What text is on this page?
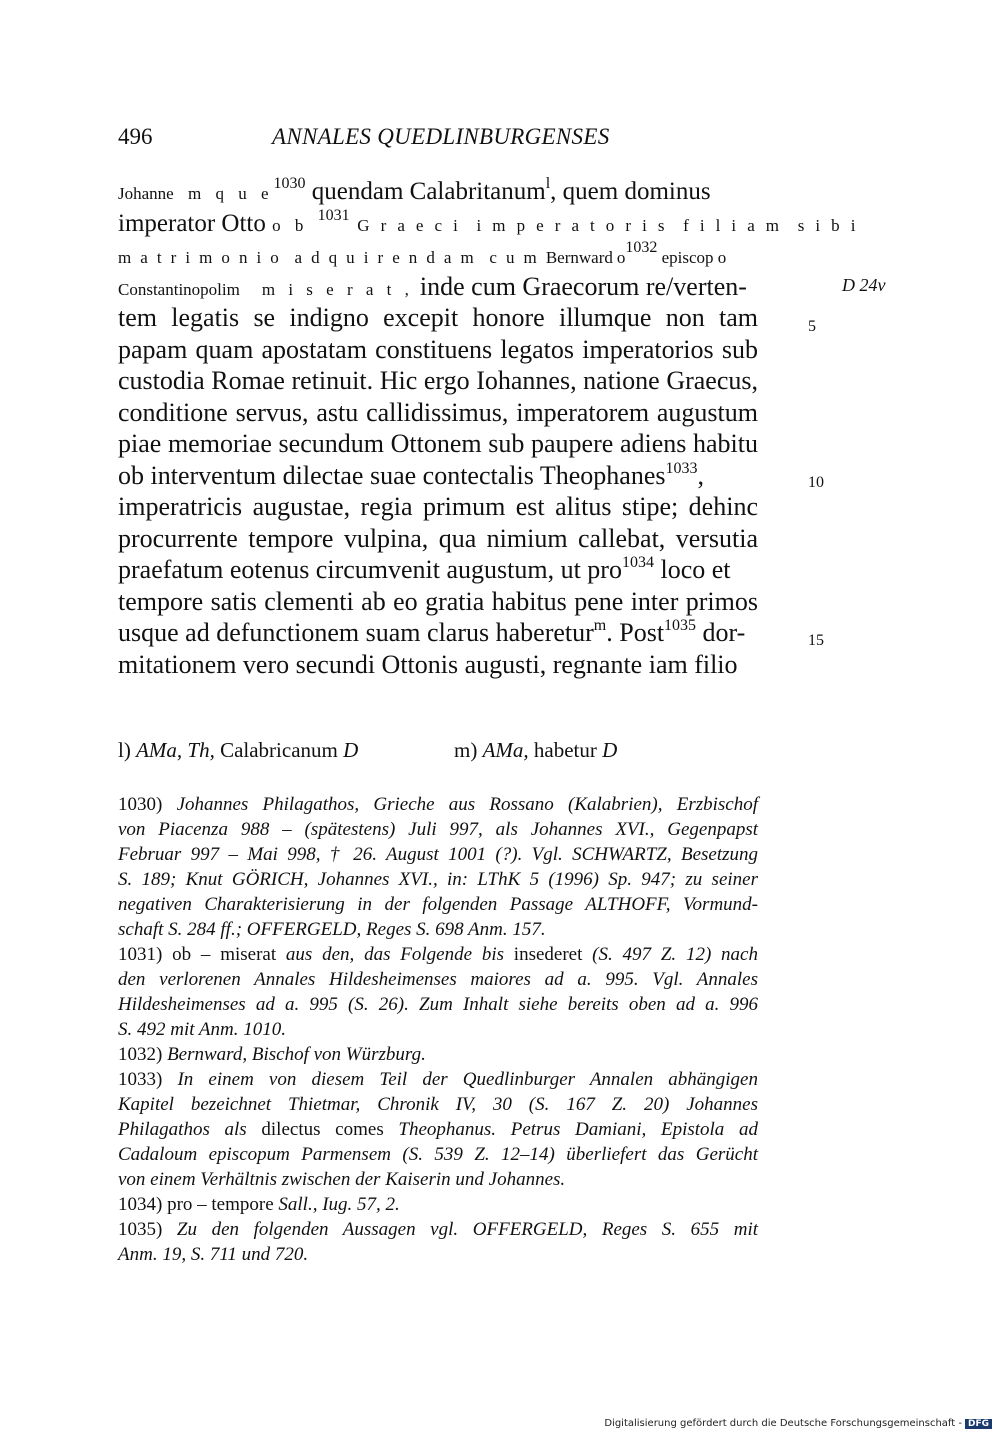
496	ANNALES QUEDLINBURGENSES
Johanne m q u $e^{1030}$ quendam Calabritanum$^l$, quem dominus
imperator Otto o b $^{1031}$ G r a e c i  i m p e r a t o r i s  f i l i a m  s i b i
m a t r i m o n i o  a d q u i r e n d a m  c u m Bernward $o^{1032}$ episcop o
Constantinopolim m i s e r a t , inde cum Graecorum re/verten-
tem legatis se indigno excepit honore illumque non tam
papam quam apostatam constituens legatos imperatorios sub
custodia Romae retinuit. Hic ergo Iohannes, natione Graecus,
conditione servus, astu callidissimus, imperatorem augustum
piae memoriae secundum Ottonem sub paupere adiens habitu
ob interventum dilectae suae contectalis Theophanes$^{1033}$,
imperatricis augustae, regia primum est alitus stipe; dehinc
procurrente tempore vulpina, qua nimium callebat, versutia
praefatum eotenus circumvenit augustum, ut pro$^{1034}$ loco et
tempore satis clementi ab eo gratia habitus pene inter primos
usque ad defunctionem suam clarus haberetur$^m$. Post$^{1035}$ dor-
mitationem vero secundi Ottonis augusti, regnante iam filio
D 24v
5
10
15
l) AMa, Th, Calabricanum D	m) AMa, habetur D
1030) Johannes Philagathos, Grieche aus Rossano (Kalabrien), Erzbischof
von Piacenza 988 – (spätestens) Juli 997, als Johannes XVI., Gegenpapst
Februar 997 – Mai 998, † 26. August 1001 (?). Vgl. SCHWARTZ, Besetzung
S. 189; Knut GÖRICH, Johannes XVI., in: LThK 5 (1996) Sp. 947; zu seiner
negativen Charakterisierung in der folgenden Passage ALTHOFF, Vormund-
schaft S. 284 ff.; OFFERGELD, Reges S. 698 Anm. 157.
1031) ob – miserat aus den, das Folgende bis insederet (S. 497 Z. 12) nach
den verlorenen Annales Hildesheimenses maiores ad a. 995. Vgl. Annales
Hildesheimenses ad a. 995 (S. 26). Zum Inhalt siehe bereits oben ad a. 996
S. 492 mit Anm. 1010.
1032) Bernward, Bischof von Würzburg.
1033) In einem von diesem Teil der Quedlinburger Annalen abhängigen
Kapitel bezeichnet Thietmar, Chronik IV, 30 (S. 167 Z. 20) Johannes
Philagathos als dilectus comes Theophanus. Petrus Damiani, Epistola ad
Cadaloum episcopum Parmensem (S. 539 Z. 12–14) überliefert das Gerücht
von einem Verhältnis zwischen der Kaiserin und Johannes.
1034) pro – tempore Sall., Iug. 57, 2.
1035) Zu den folgenden Aussagen vgl. OFFERGELD, Reges S. 655 mit
Anm. 19, S. 711 und 720.
Digitalisierung gefördert durch die Deutsche Forschungsgemeinschaft - DFG
